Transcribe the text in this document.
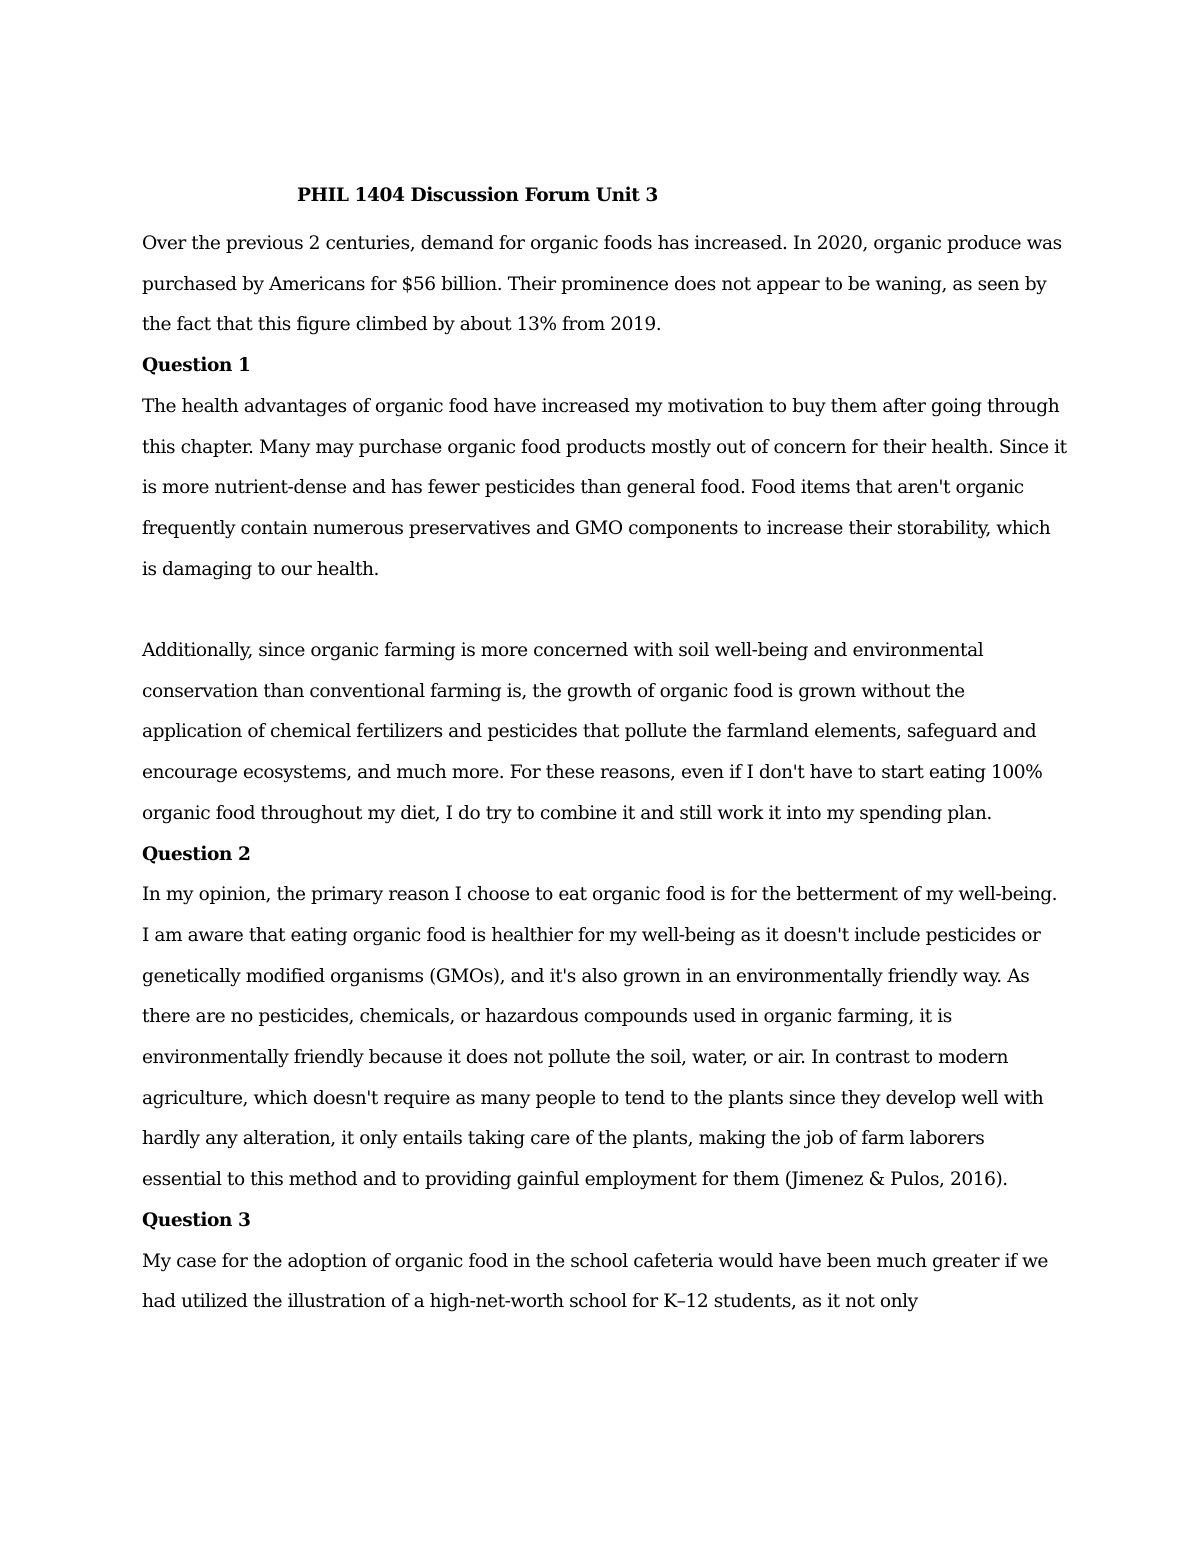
PHIL 1404 Discussion Forum Unit 3

Over the previous 2 centuries, demand for organic foods has increased. In 2020, organic produce was purchased by Americans for $56 billion. Their prominence does not appear to be waning, as seen by the fact that this figure climbed by about 13% from 2019.

Question 1

The health advantages of organic food have increased my motivation to buy them after going through this chapter. Many may purchase organic food products mostly out of concern for their health. Since it is more nutrient-dense and has fewer pesticides than general food. Food items that aren't organic frequently contain numerous preservatives and GMO components to increase their storability, which is damaging to our health.

Additionally, since organic farming is more concerned with soil well-being and environmental conservation than conventional farming is, the growth of organic food is grown without the application of chemical fertilizers and pesticides that pollute the farmland elements, safeguard and encourage ecosystems, and much more. For these reasons, even if I don't have to start eating 100% organic food throughout my diet, I do try to combine it and still work it into my spending plan.

Question 2

In my opinion, the primary reason I choose to eat organic food is for the betterment of my well-being. I am aware that eating organic food is healthier for my well-being as it doesn't include pesticides or genetically modified organisms (GMOs), and it's also grown in an environmentally friendly way. As there are no pesticides, chemicals, or hazardous compounds used in organic farming, it is environmentally friendly because it does not pollute the soil, water, or air. In contrast to modern agriculture, which doesn't require as many people to tend to the plants since they develop well with hardly any alteration, it only entails taking care of the plants, making the job of farm laborers essential to this method and to providing gainful employment for them (Jimenez & Pulos, 2016).

Question 3

My case for the adoption of organic food in the school cafeteria would have been much greater if we had utilized the illustration of a high-net-worth school for K–12 students, as it not only
